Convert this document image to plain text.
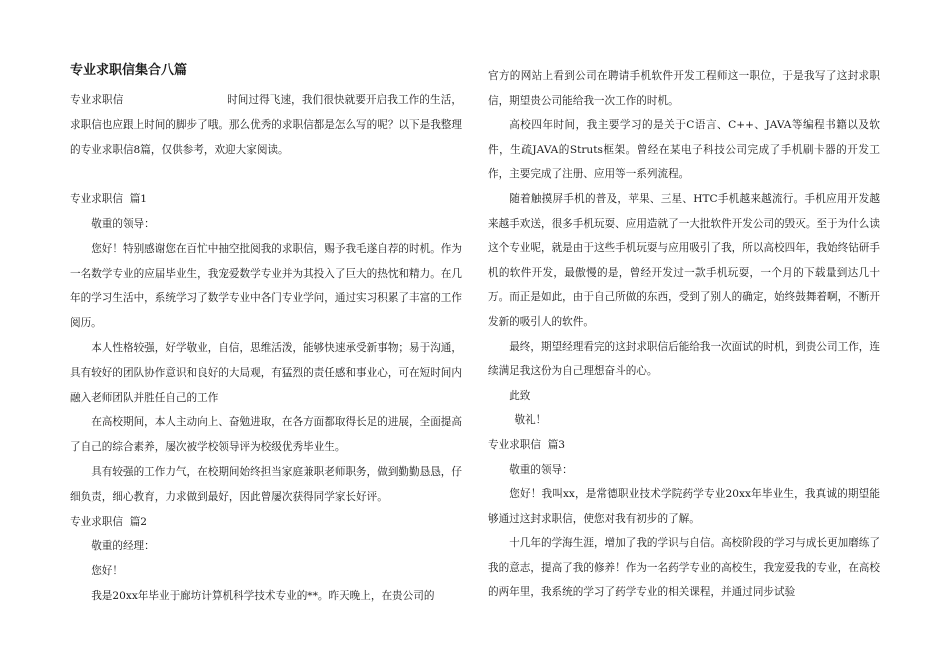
专业求职信集合八篇

专业求职信                              时间过得飞速，我们很快就要开启我工作的生活，求职信也应跟上时间的脚步了哦。那么优秀的求职信都是怎么写的呢？以下是我整理的专业求职信8篇，仅供参考，欢迎大家阅读。

专业求职信  篇1

敬重的领导：

您好！特别感谢您在百忙中抽空批阅我的求职信，赐予我毛遂自荐的时机。作为一名数学专业的应届毕业生，我宠爱数学专业并为其投入了巨大的热忱和精力。在几年的学习生活中，系统学习了数学专业中各门专业学问，通过实习积累了丰富的工作阅历。

本人性格较强，好学敬业，自信，思维活泼，能够快速承受新事物；易于沟通，具有较好的团队协作意识和良好的大局观，有猛烈的责任感和事业心，可在短时间内融入老师团队并胜任自己的工作

在高校期间，本人主动向上、奋勉进取，在各方面都取得长足的进展，全面提高了自己的综合素养，屡次被学校领导评为校级优秀毕业生。

具有较强的工作力气，在校期间始终担当家庭兼职老师职务，做到勤勤恳恳，仔细负责，细心教育，力求做到最好，因此曾屡次获得同学家长好评。

专业求职信  篇2

敬重的经理：

您好！

我是20xx年毕业于廊坊计算机科学技术专业的**。昨天晚上，在贵公司的

官方的网站上看到公司在聘请手机软件开发工程师这一职位，于是我写了这封求职信，期望贵公司能给我一次工作的时机。

高校四年时间，我主要学习的是关于C语言、C++、JAVA等编程书籍以及软件，生疏JAVA的Struts框架。曾经在某电子科技公司完成了手机刷卡器的开发工作，主要完成了注册、应用等一系列流程。

随着触摸屏手机的普及，苹果、三星、HTC手机越来越流行。手机应用开发越来越手欢送，很多手机玩耍、应用造就了一大批软件开发公司的毁灭。至于为什么读这个专业呢，就是由于这些手机玩耍与应用吸引了我，所以高校四年，我始终钻研手机的软件开发，最傲慢的是，曾经开发过一款手机玩耍，一个月的下载量到达几十万。而正是如此，由于自己所做的东西，受到了别人的确定，始终鼓舞着啊，不断开发新的吸引人的软件。

最终，期望经理看完的这封求职信后能给我一次面试的时机，到贵公司工作，连续满足我这份为自己理想奋斗的心。

此致

敬礼！

专业求职信  篇3

敬重的领导：

您好！我叫xx，是常德职业技术学院药学专业20xx年毕业生，我真诚的期望能够通过这封求职信，使您对我有初步的了解。

十几年的学海生涯，增加了我的学识与自信。高校阶段的学习与成长更加磨练了我的意志，提高了我的修养！作为一名药学专业的高校生，我宠爱我的专业，在高校的两年里，我系统的学习了药学专业的相关课程，并通过同步试验
